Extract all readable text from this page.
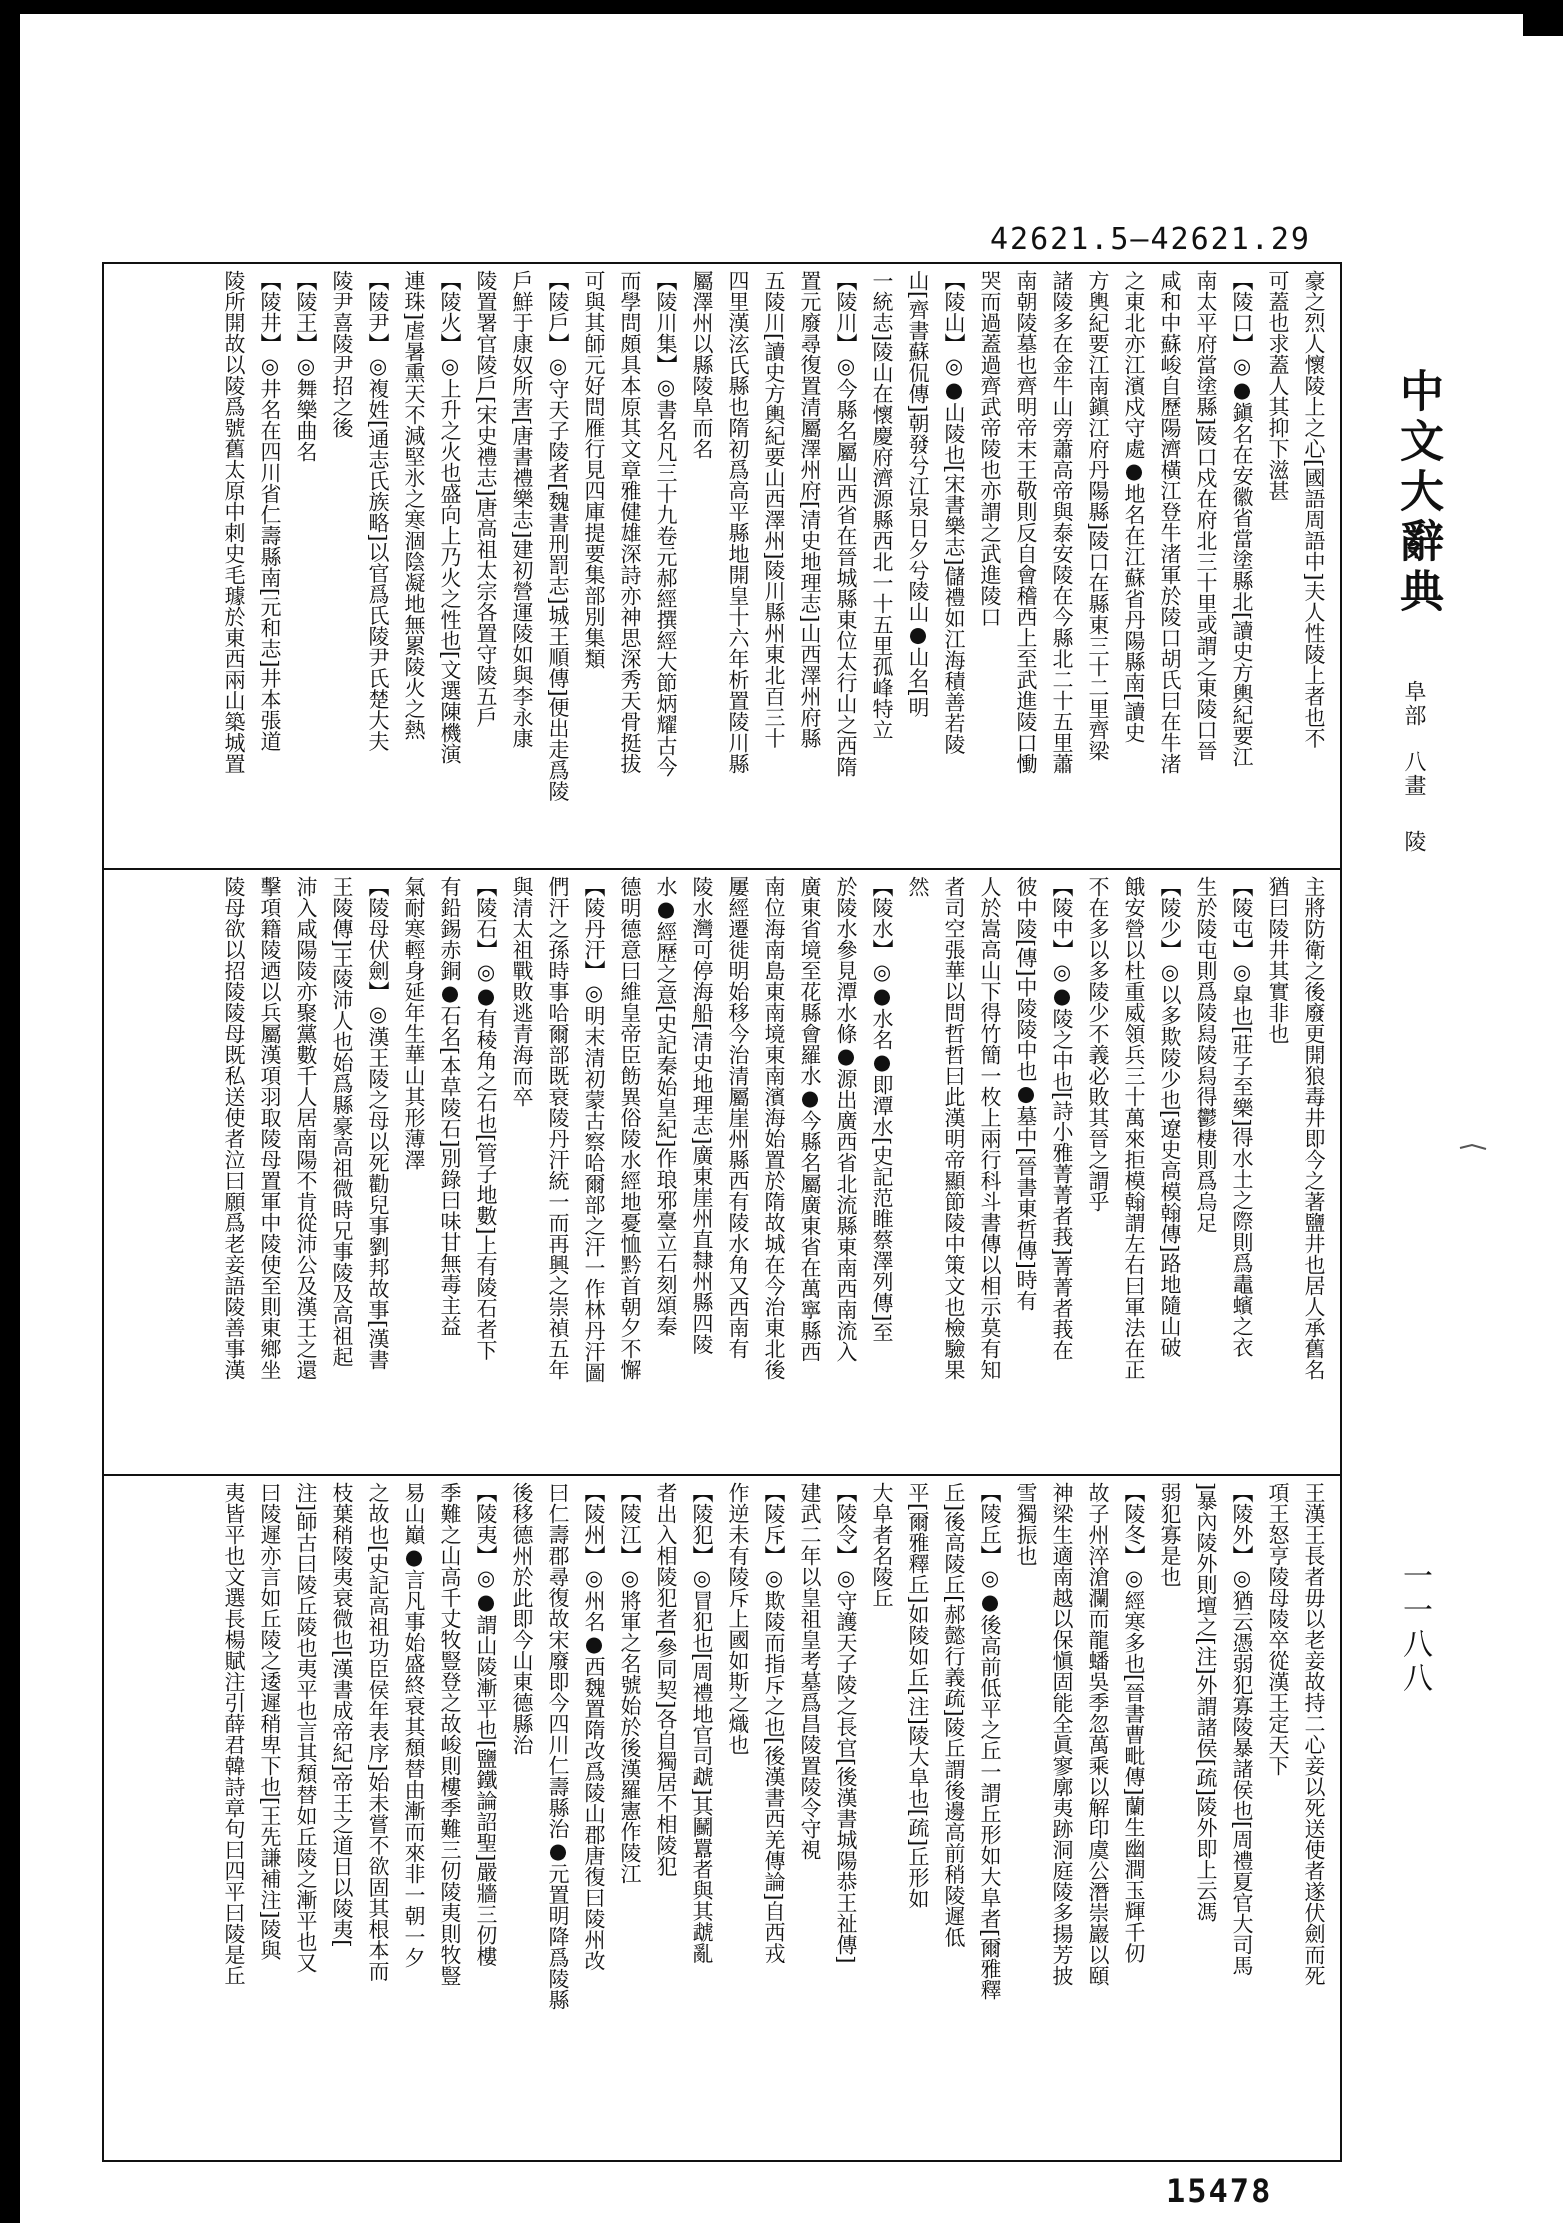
42621.5—42621.29
豪之烈人懷陵上之心[國語周語中]夫人性陵上者也不
可蓋也求蓋人其抑下滋甚
【陵口】◎●鎭名在安徽省當塗縣北[讀史方輿紀要江
南太平府當塗縣]陵口戍在府北三十里或謂之東陵口晉
咸和中蘇峻自歷陽濟橫江登牛渚軍於陵口胡氏曰在牛渚
之東北亦江濱戍守處●地名在江蘇省丹陽縣南[讀史
方輿紀要江南鎭江府丹陽縣]陵口在縣東三十二里齊梁
諸陵多在金牛山旁蕭高帝與泰安陵在今縣北二十五里蕭
南朝陵墓也齊明帝末王敬則反自會稽西上至武進陵口慟
哭而過蓋過齊武帝陵也亦謂之武進陵口
【陵山】◎●山陵也[宋書樂志]儲禮如江海積善若陵
山[齊書蘇侃傳]朝發兮江泉日夕兮陵山●山名[明
一統志]陵山在懷慶府濟源縣西北一十五里孤峰特立
【陵川】◎今縣名屬山西省在晉城縣東位太行山之西隋
置元廢尋復置清屬澤州府[清史地理志]山西澤州府縣
五陵川[讀史方輿紀要山西澤州]陵川縣州東北百三十
四里漢泫氏縣也隋初爲高平縣地開皇十六年析置陵川縣
屬澤州以縣陵阜而名
【陵川集】◎書名凡三十九卷元郝經撰經大節炳耀古今
而學問頗具本原其文章雅健雄深詩亦神思深秀天骨挺拔
可與其師元好問雁行見四庫提要集部別集類
【陵戶】◎守天子陵者[魏書刑罰志]城王順傳]便出走爲陵
戶鮮于康奴所害[唐書禮樂志]建初營運陵如與李永康
陵置署官陵戶[宋史禮志]唐高祖太宗各置守陵五戶
【陵火】◎上升之火也盛向上乃火之性也[文選陳機演
連珠]虐暑熏天不減堅氷之寒涸陰凝地無累陵火之熱
【陵尹】◎複姓[通志氏族略]以官爲氏陵尹氏楚大夫
陵尹喜陵尹招之後
【陵王】◎舞樂曲名
【陵井】◎井名在四川省仁壽縣南[元和志]井本張道
陵所開故以陵爲號舊太原中刺史毛璩於東西兩山築城置
主將防衛之後廢更開狼毒井即今之著鹽井也居人承舊名
猶曰陵井其實非也
【陵屯】◎皐也[莊子至樂]得水土之際則爲鼃蠙之衣
生於陵屯則爲陵舄陵舄得鬱棲則爲烏足
【陵少】◎以多欺陵少也[遼史高模翰傳]路地隨山破
餓安營以杜重威領兵三十萬來拒模翰謂左右曰軍法在正
不在多以多陵少不義必敗其晉之謂乎
【陵中】◎●陵之中也[詩小雅菁菁者莪]菁菁者莪在
彼中陵[傳]中陵陵中也●墓中[晉書東哲傳]時有
人於嵩高山下得竹簡一枚上兩行科斗書傳以相示莫有知
者司空張華以問哲哲曰此漢明帝顯節陵中策文也檢驗果
然
【陵水】◎●水名●即潭水[史記范睢蔡澤列傳]至
於陵水參見潭水條●源出廣西省北流縣東南西南流入
廣東省境至花縣會羅水●今縣名屬廣東省在萬寧縣西
南位海南島東南境東南濱海始置於隋故城在今治東北後
屢經遷徙明始移今治清屬崖州縣西有陵水角又西南有
陵水灣可停海船[清史地理志]廣東崖州直隸州縣四陵
水●經歷之意[史記秦始皇紀]作琅邪臺立石刻頌秦
德明德意曰維皇帝臣飭異俗陵水經地憂恤黔首朝夕不懈
【陵丹汗】◎明末清初蒙古察哈爾部之汗一作林丹汗圖
們汗之孫時事哈爾部既衰陵丹汗統一而再興之崇禎五年
與清太祖戰敗逃青海而卒
【陵石】◎●有稜角之石也[管子地數]上有陵石者下
有鉛錫赤銅●石名[本草陵石]別錄曰味甘無毒主益
氣耐寒輕身延年生華山其形薄澤
【陵母伏劍】◎漢王陵之母以死勸兒事劉邦故事[漢書
王陵傳]王陵沛人也始爲縣豪高祖微時兄事陵及高祖起
沛入咸陽陵亦聚黨數千人居南陽不肯從沛公及漢王之還
擊項籍陵迺以兵屬漢項羽取陵母置軍中陵使至則東鄉坐
陵母欲以招陵陵母既私送使者泣曰願爲老妾語陵善事漢
王漢王長者毋以老妾故持二心妾以死送使者遂伏劍而死
項王怒亨陵母陵卒從漢王定天下
【陵外】◎猶云憑弱犯寡陵暴諸侯也[周禮夏官大司馬
]暴內陵外則壇之[注]外謂諸侯[疏]陵外即上云馮
弱犯寡是也
【陵冬】◎經寒多也[晉書曹毗傳]蘭生幽澗玉輝千仞
故子州淬滄瀾而龍蟠吳季忽萬乘以解印虞公潛崇巖以頤
神梁生適南越以保愼固能全眞寥廓夷跡洞庭陵多揚芳披
雪獨振也
【陵丘】◎●後高前低平之丘一謂丘形如大阜者[爾雅釋
丘]後高陵丘[郝懿行義疏]陵丘謂後邊高前稍陵遲低
平[爾雅釋丘]如陵如丘[注]陵大阜也[疏]丘形如
大阜者名陵丘
【陵令】◎守護天子陵之長官[後漢書城陽恭王祉傳]
建武二年以皇祖皇考墓爲昌陵置陵令守視
【陵斥】◎欺陵而指斥之也[後漢書西羌傳論]自西戎
作逆未有陵斥上國如斯之熾也
【陵犯】◎冒犯也[周禮地官司虣]其鬭囂者與其虣亂
者出入相陵犯者[參同契]各自獨居不相陵犯
【陵江】◎將軍之名號始於後漢羅憲作陵江
【陵州】◎州名●西魏置隋改爲陵山郡唐復曰陵州改
曰仁壽郡尋復故宋廢即今四川仁壽縣治●元置明降爲陵縣
後移德州於此即今山東德縣治
【陵夷】◎●謂山陵漸平也[鹽鐵論詔聖]嚴牆三仞樓
季難之山高千丈牧豎登之故峻則樓季難三仞陵夷則牧豎
易山巔●言凡事始盛終衰其頹替由漸而來非一朝一夕
之故也[史記高祖功臣侯年表序]始未嘗不欲固其根本而
枝葉稍陵夷衰微也[漢書成帝紀]帝王之道日以陵夷[
注]師古曰陵丘陵也夷平也言其頹替如丘陵之漸平也又
曰陵遲亦言如丘陵之逶遲稍卑下也[王先謙補注]陵與
夷皆平也文選長楊賦注引薛君韓詩章句曰四平曰陵是丘
中文大辭典
阜部
八畫
陵
一一八八
15478
